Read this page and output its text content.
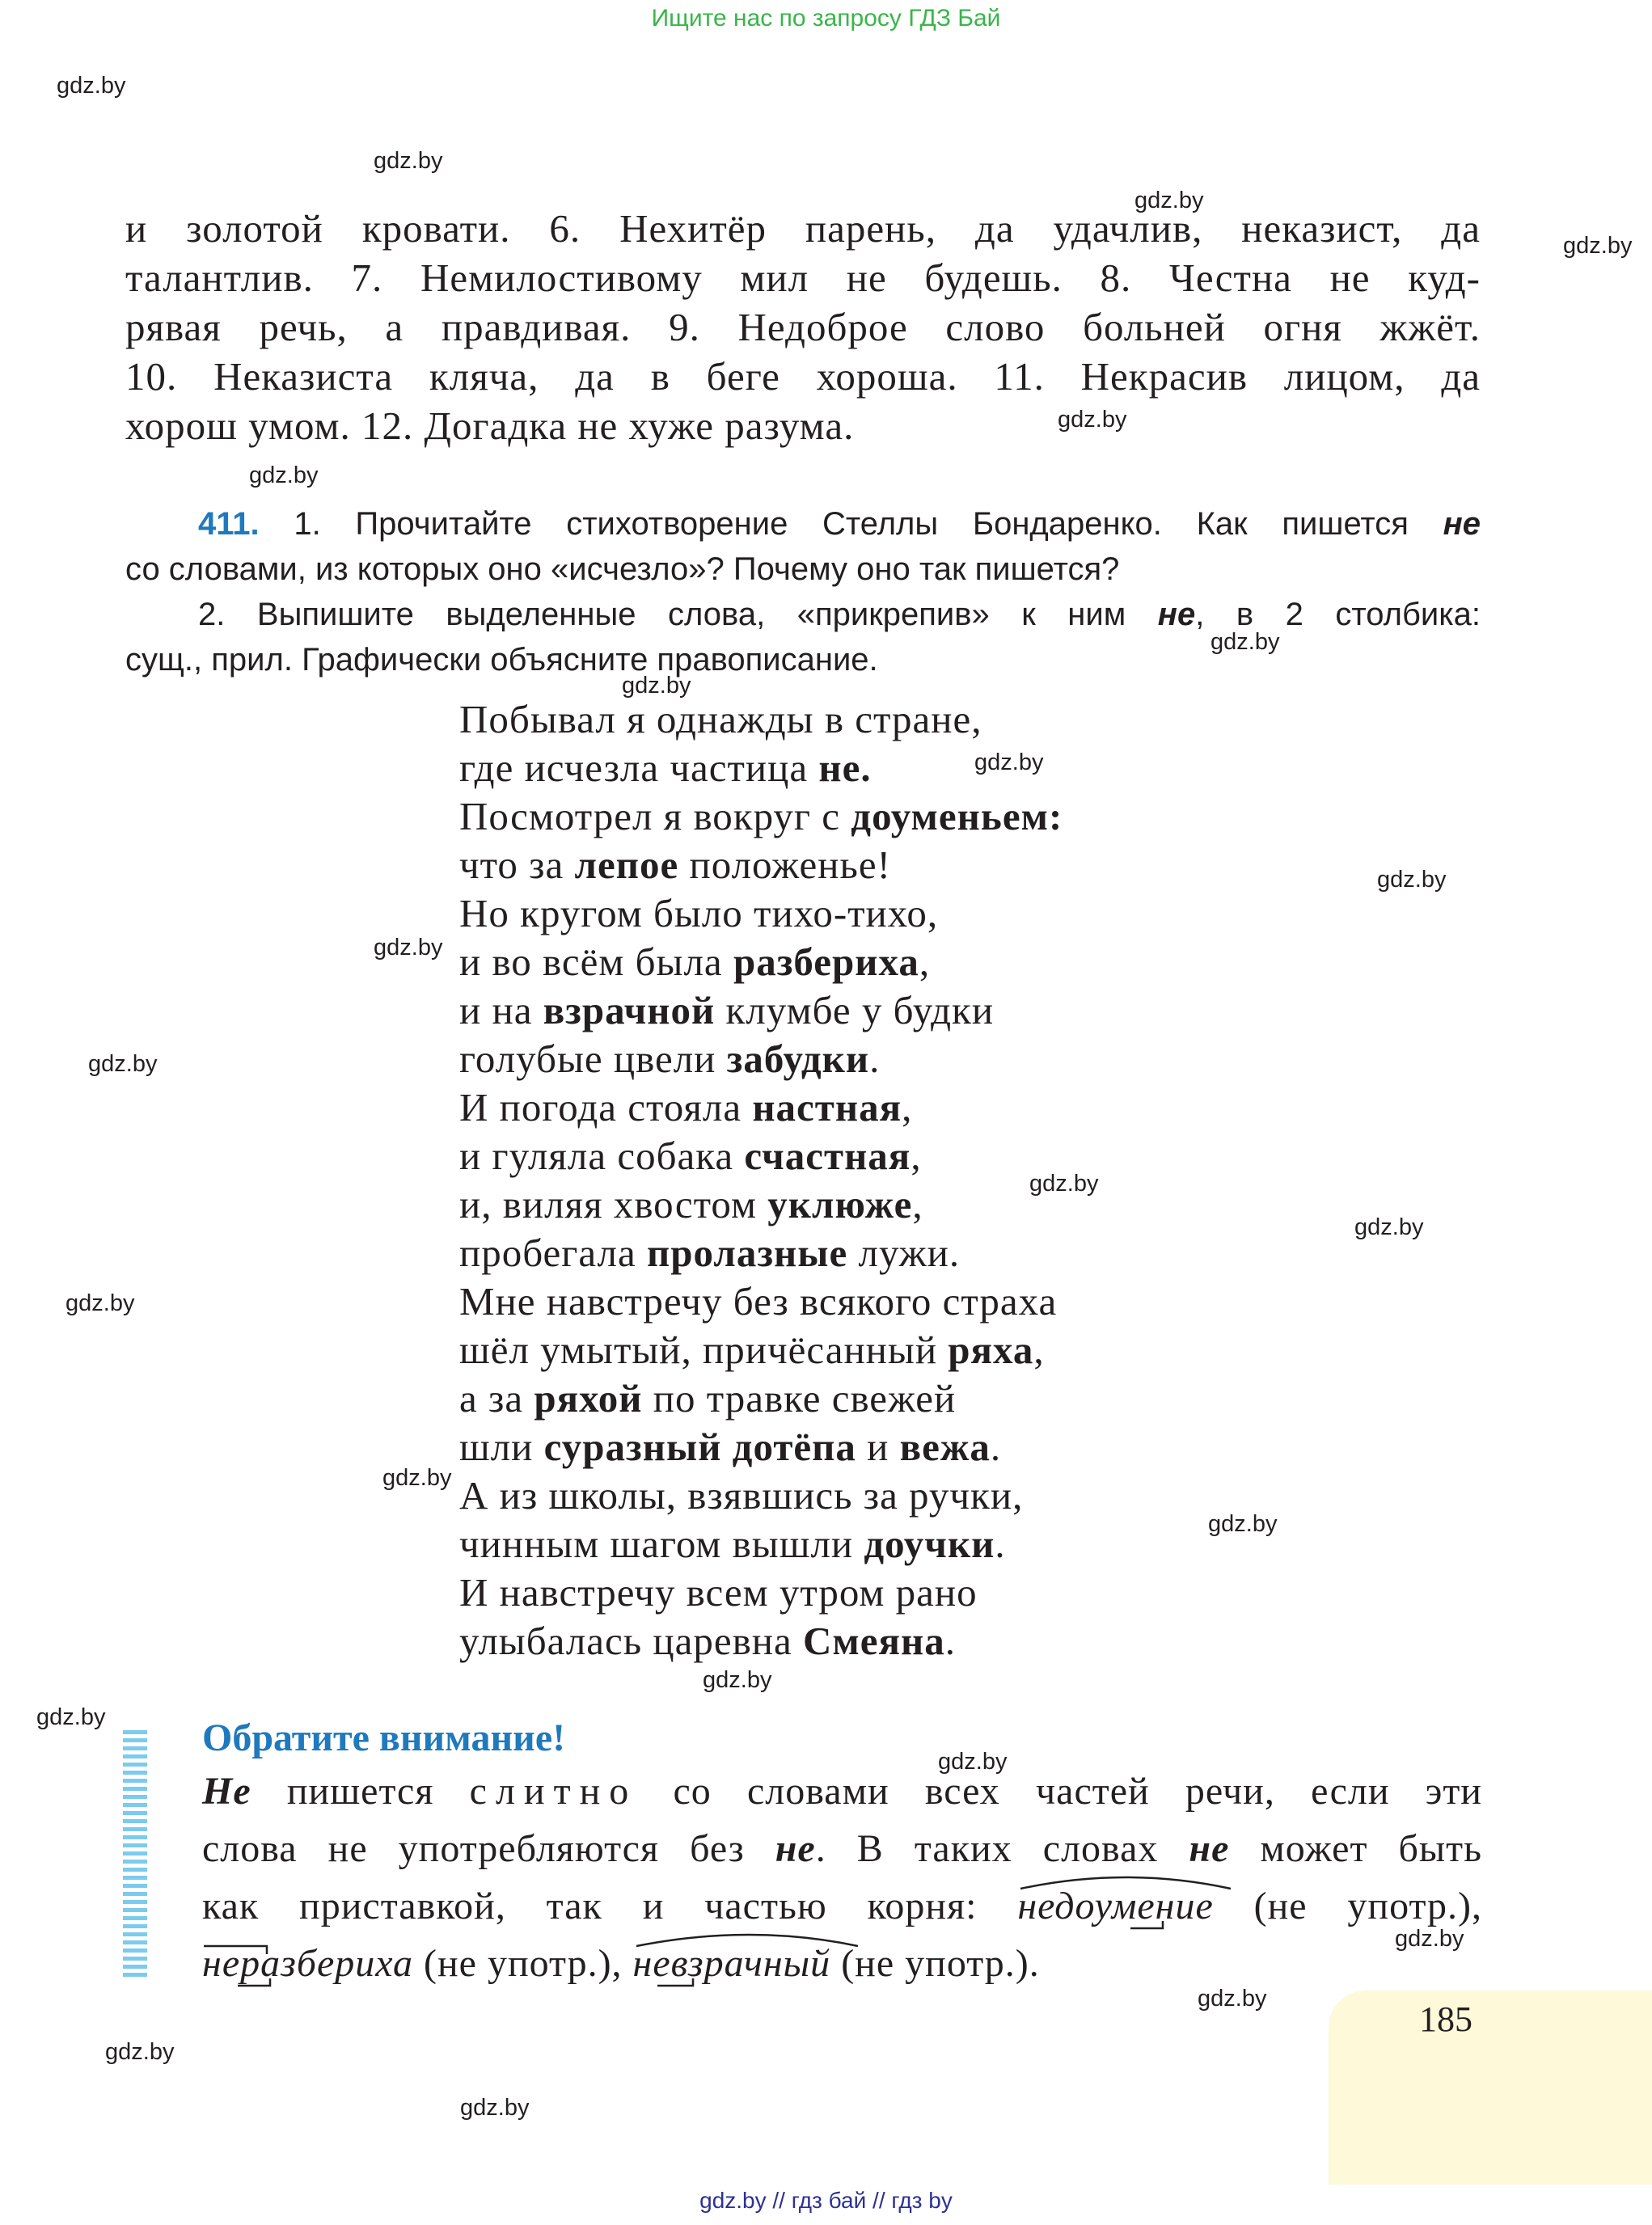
Ищите нас по запросу ГДЗ Бай
gdz.by
gdz.by
gdz.by
gdz.by
gdz.by
gdz.by
gdz.by
gdz.by
gdz.by
gdz.by
gdz.by
gdz.by
gdz.by
gdz.by
gdz.by
gdz.by
gdz.by
gdz.by
gdz.by
gdz.by
gdz.by
gdz.by
gdz.by
gdz.by

и золотой кровати. 6. Нехитёр парень, да удачлив, неказист, да

талантлив. 7. Немилостивому мил не будешь. 8. Честна не куд-

рявая речь, а правдивая. 9. Недоброе слово больней огня жжёт.

10. Неказиста кляча, да в беге хороша. 11. Некрасив лицом, да

хорош умом. 12. Догадка не хуже разума.

411. 1. Прочитайте стихотворение Стеллы Бондаренко. Как пишется не

со словами, из которых оно «исчезло»? Почему оно так пишется?

2. Выпишите выделенные слова, «прикрепив» к ним не, в 2 столбика:

сущ., прил. Графически объясните правописание.

Побывал я однажды в стране,
где исчезла частица не.
Посмотрел я вокруг с доуменьем:
что за лепое положенье!
Но кругом было тихо-тихо,
и во всём была разбериха,
и на взрачной клумбе у будки
голубые цвели забудки.
И погода стояла настная,
и гуляла собака счастная,
и, виляя хвостом уклюже,
пробегала пролазные лужи.
Мне навстречу без всякого страха
шёл умытый, причёсанный ряха,
а за ряхой по травке свежей
шли суразный дотёпа и вежа.
А из школы, взявшись за ручки,
чинным шагом вышли доучки.
И навстречу всем утром рано
улыбалась царевна Смеяна.
Обратите внимание!

Не пишется слитно со словами всех частей речи, если эти

слова не употребляются без не. В таких словах не может быть

как приставкой, так и частью корня:
недоумение (не употр.),

неразбериха (не употр.),
невзрачный (не употр.).

185
gdz.by // гдз бай // гдз by
